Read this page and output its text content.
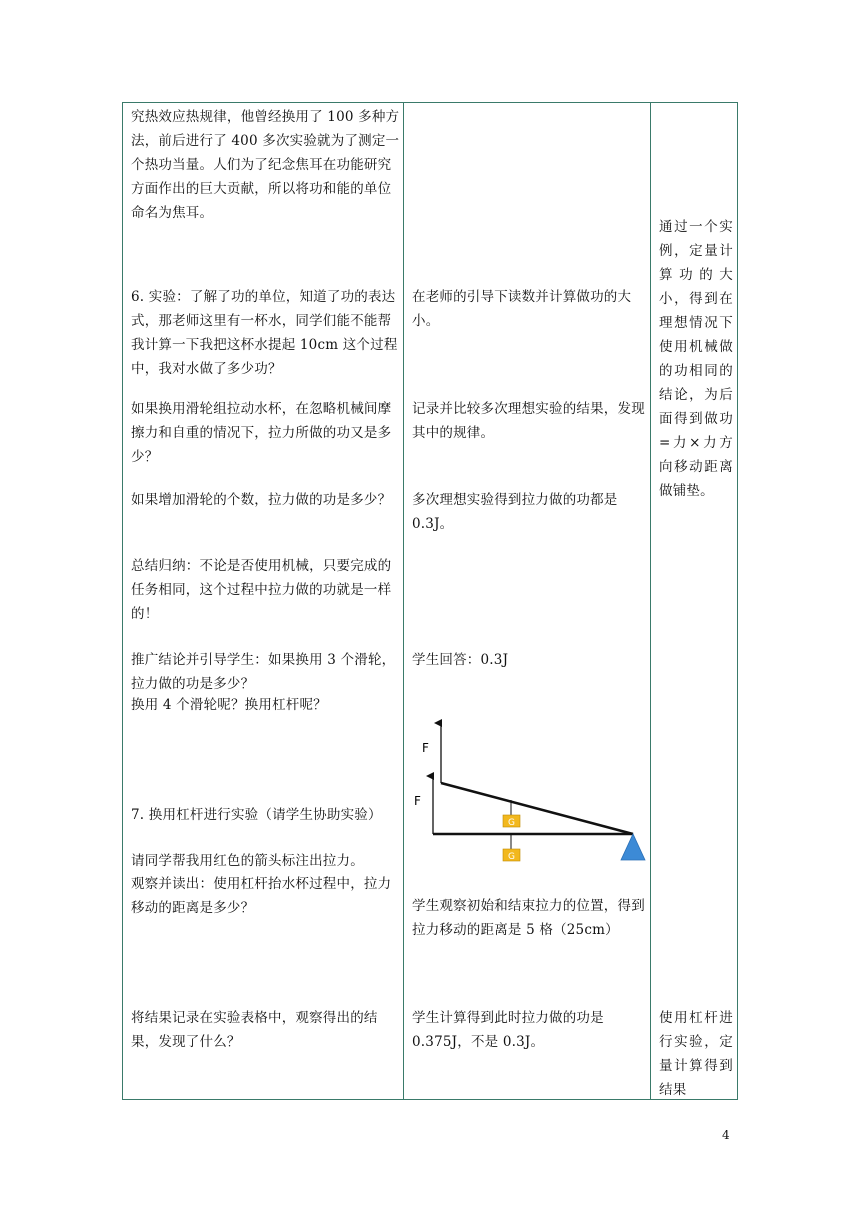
究热效应热规律，他曾经换用了 100 多种方法，前后进行了 400 多次实验就为了测定一个热功当量。人们为了纪念焦耳在功能研究方面作出的巨大贡献，所以将功和能的单位命名为焦耳。

6. 实验：了解了功的单位，知道了功的表达式，那老师这里有一杯水，同学们能不能帮我计算一下我把这杯水提起 10cm 这个过程中，我对水做了多少功？

如果换用滑轮组拉动水杯，在忽略机械间摩擦力和自重的情况下，拉力所做的功又是多少？

如果增加滑轮的个数，拉力做的功是多少？

总结归纳：不论是否使用机械，只要完成的任务相同，这个过程中拉力做的功就是一样的！

推广结论并引导学生：如果换用 3 个滑轮，拉力做的功是多少？

换用 4 个滑轮呢？换用杠杆呢？

7. 换用杠杆进行实验（请学生协助实验）

请同学帮我用红色的箭头标注出拉力。

观察并读出：使用杠杆抬水杯过程中，拉力移动的距离是多少？

将结果记录在实验表格中，观察得出的结果，发现了什么？

在老师的引导下读数并计算做功的大小。

记录并比较多次理想实验的结果，发现其中的规律。

多次理想实验得到拉力做的功都是 0.3J。

学生回答：0.3J

F
F
G
G

学生观察初始和结束拉力的位置，得到拉力移动的距离是 5 格（25cm）

学生计算得到此时拉力做的功是 0.375J，不是 0.3J。

通过一个实例，定量计算功的大小，得到在理想情况下使用机械做的功相同的结论，为后面得到做功=力×力方向移动距离做铺垫。

使用杠杆进行实验，定量计算得到结果

4
